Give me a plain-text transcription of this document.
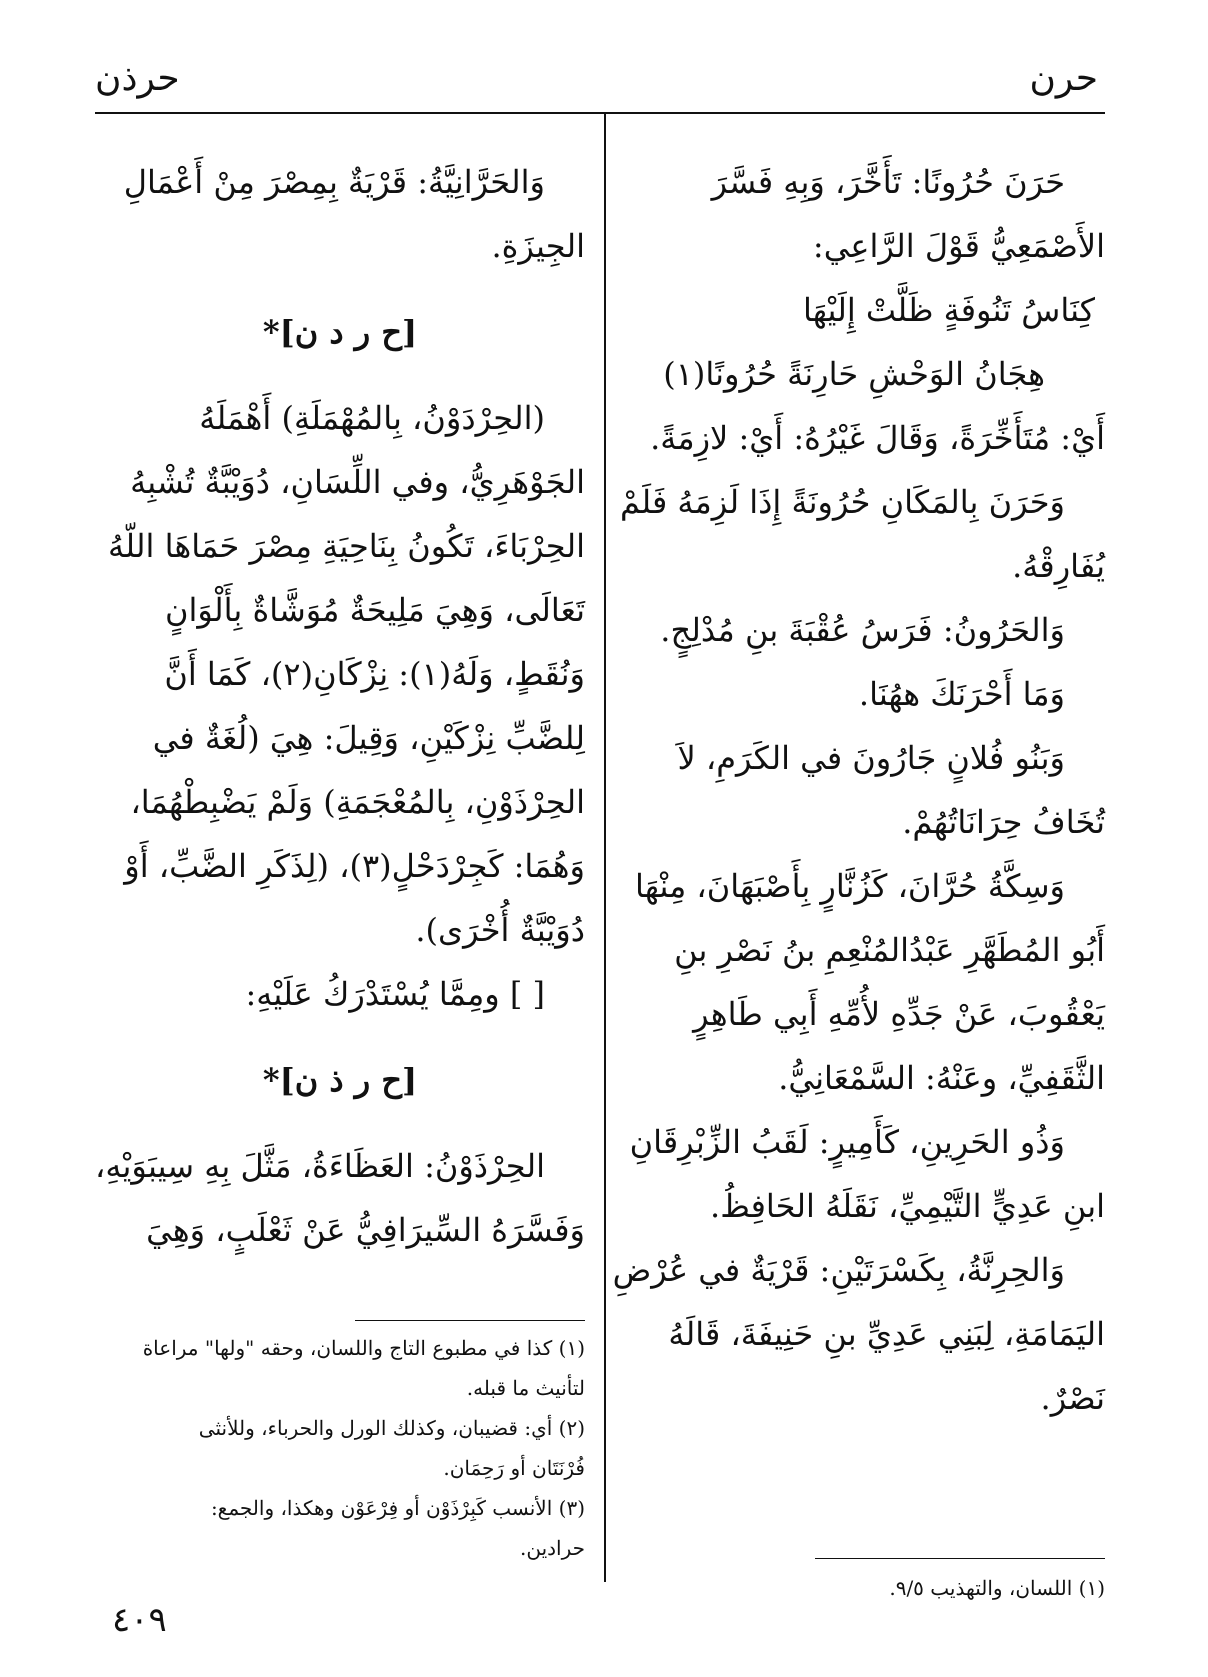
حرن
حرذن
حَرَنَ حُرُونًا: تَأَخَّرَ، وَبِهِ فَسَّرَ
الأَصْمَعِيُّ قَوْلَ الرَّاعِي:
كِنَاسُ تَنُوفَةٍ ظَلَّتْ إِلَيْهَا
هِجَانُ الوَحْشِ حَارِنَةً حُرُونًا(١)
أَيْ: مُتَأَخِّرَةً، وَقَالَ غَيْرُهُ: أَيْ: لازِمَةً.
وَحَرَنَ بِالمَكَانِ حُرُونَةً إِذَا لَزِمَهُ فَلَمْ
يُفَارِقْهُ.
وَالحَرُونُ: فَرَسُ عُقْبَةَ بنِ مُدْلِجٍ.
وَمَا أَحْرَنَكَ ههُنَا.
وَبَنُو فُلانٍ جَارُونَ في الكَرَمِ، لاَ
تُخَافُ حِرَانَاتُهُمْ.
وَسِكَّةُ حُرَّانَ، كَزُنَّارٍ بِأَصْبَهَانَ، مِنْهَا
أَبُو المُطَهَّرِ عَبْدُالمُنْعِمِ بنُ نَصْرِ بنِ
يَعْقُوبَ، عَنْ جَدِّهِ لأُمِّهِ أَبِي طَاهِرٍ
الثَّقَفِيِّ، وعَنْهُ: السَّمْعَانِيُّ.
وَذُو الحَرِينِ، كَأَمِيرٍ: لَقَبُ الزِّبْرِقَانِ
ابنِ عَدِيٍّ التَّيْمِيِّ، نَقَلَهُ الحَافِظُ.
وَالحِرِنَّةُ، بِكَسْرَتَيْنِ: قَرْيَةٌ في عُرْضِ
اليَمَامَةِ، لِبَنِي عَدِيِّ بنِ حَنِيفَةَ، قَالَهُ
نَصْرٌ.
وَالحَرَّانِيَّةُ: قَرْيَةٌ بِمِصْرَ مِنْ أَعْمَالِ
الجِيزَةِ.
[ح ر د ن]*
(الحِرْدَوْنُ، بِالمُهْمَلَةِ) أَهْمَلَهُ
الجَوْهَرِيُّ، وفي اللِّسَانِ، دُوَيْبَّةٌ تُشْبِهُ
الحِرْبَاءَ، تَكُونُ بِنَاحِيَةِ مِصْرَ حَمَاهَا اللّهُ
تَعَالَى، وَهِيَ مَلِيحَةٌ مُوَشَّاةٌ بِأَلْوَانٍ
وَنُقَطٍ، وَلَهُ(١): نِزْكَانِ(٢)، كَمَا أَنَّ
لِلضَّبِّ نِزْكَيْنِ، وَقِيلَ: هِيَ (لُغَةٌ في
الحِرْذَوْنِ، بِالمُعْجَمَةِ) وَلَمْ يَضْبِطْهُمَا،
وَهُمَا: كَجِرْدَحْلٍ(٣)، (لِذَكَرِ الضَّبِّ، أَوْ
دُوَيْبَّةٌ أُخْرَى).
[ ] ومِمَّا يُسْتَدْرَكُ عَلَيْهِ:
[ح ر ذ ن]*
الحِرْذَوْنُ: العَظَاءَةُ، مَثَّلَ بِهِ سِيبَوَيْهِ،
وَفَسَّرَهُ السِّيرَافِيُّ عَنْ ثَعْلَبٍ، وَهِيَ
(١) اللسان، والتهذيب ٩/٥.
(١) كذا في مطبوع التاج واللسان، وحقه "ولها" مراعاة
لتأنيث ما قبله.
(٢) أي: قضيبان، وكذلك الورل والحرباء، وللأنثى
فُرْنَتَان أو رَحِمَان.
(٣) الأنسب كَبِرْذَوْن أو فِرْعَوْن وهكذا، والجمع:
حرادين.
٤٠٩
